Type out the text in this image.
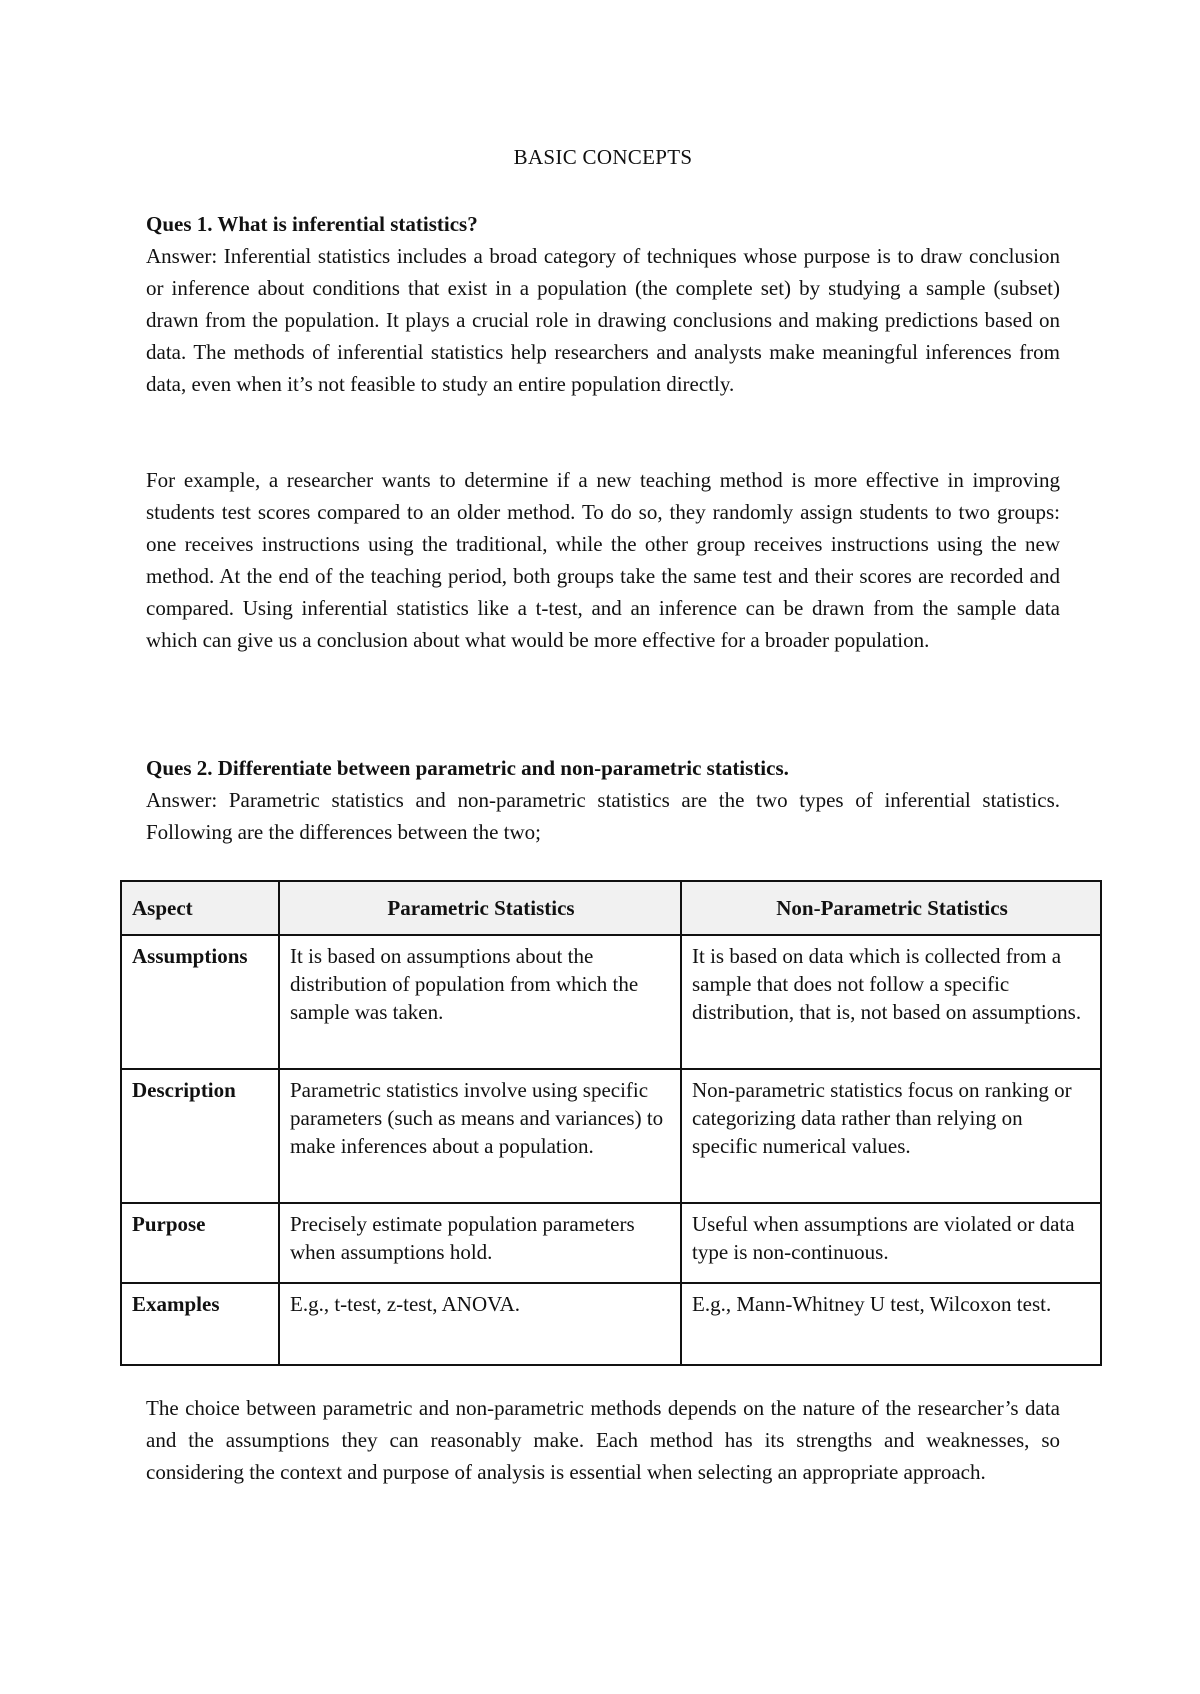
BASIC CONCEPTS
Ques 1. What is inferential statistics?
Answer: Inferential statistics includes a broad category of techniques whose purpose is to draw conclusion or inference about conditions that exist in a population (the complete set) by studying a sample (subset) drawn from the population. It plays a crucial role in drawing conclusions and making predictions based on data. The methods of inferential statistics help researchers and analysts make meaningful inferences from data, even when it’s not feasible to study an entire population directly.
For example, a researcher wants to determine if a new teaching method is more effective in improving students test scores compared to an older method. To do so, they randomly assign students to two groups: one receives instructions using the traditional, while the other group receives instructions using the new method. At the end of the teaching period, both groups take the same test and their scores are recorded and compared. Using inferential statistics like a t-test, and an inference can be drawn from the sample data which can give us a conclusion about what would be more effective for a broader population.
Ques 2. Differentiate between parametric and non-parametric statistics.
Answer: Parametric statistics and non-parametric statistics are the two types of inferential statistics. Following are the differences between the two;
The choice between parametric and non-parametric methods depends on the nature of the researcher’s data and the assumptions they can reasonably make. Each method has its strengths and weaknesses, so considering the context and purpose of analysis is essential when selecting an appropriate approach.
Aspect	Parametric Statistics	Non-Parametric Statistics
Assumptions	It is based on assumptions about the distribution of population from which the sample was taken.	It is based on data which is collected from a sample that does not follow a specific distribution, that is, not based on assumptions.
Description	Parametric statistics involve using specific parameters (such as means and variances) to make inferences about a population.	Non-parametric statistics focus on ranking or categorizing data rather than relying on specific numerical values.
Purpose	Precisely estimate population parameters when assumptions hold.	Useful when assumptions are violated or data type is non-continuous.
Examples	E.g., t-test, z-test, ANOVA.	E.g., Mann-Whitney U test, Wilcoxon test.
